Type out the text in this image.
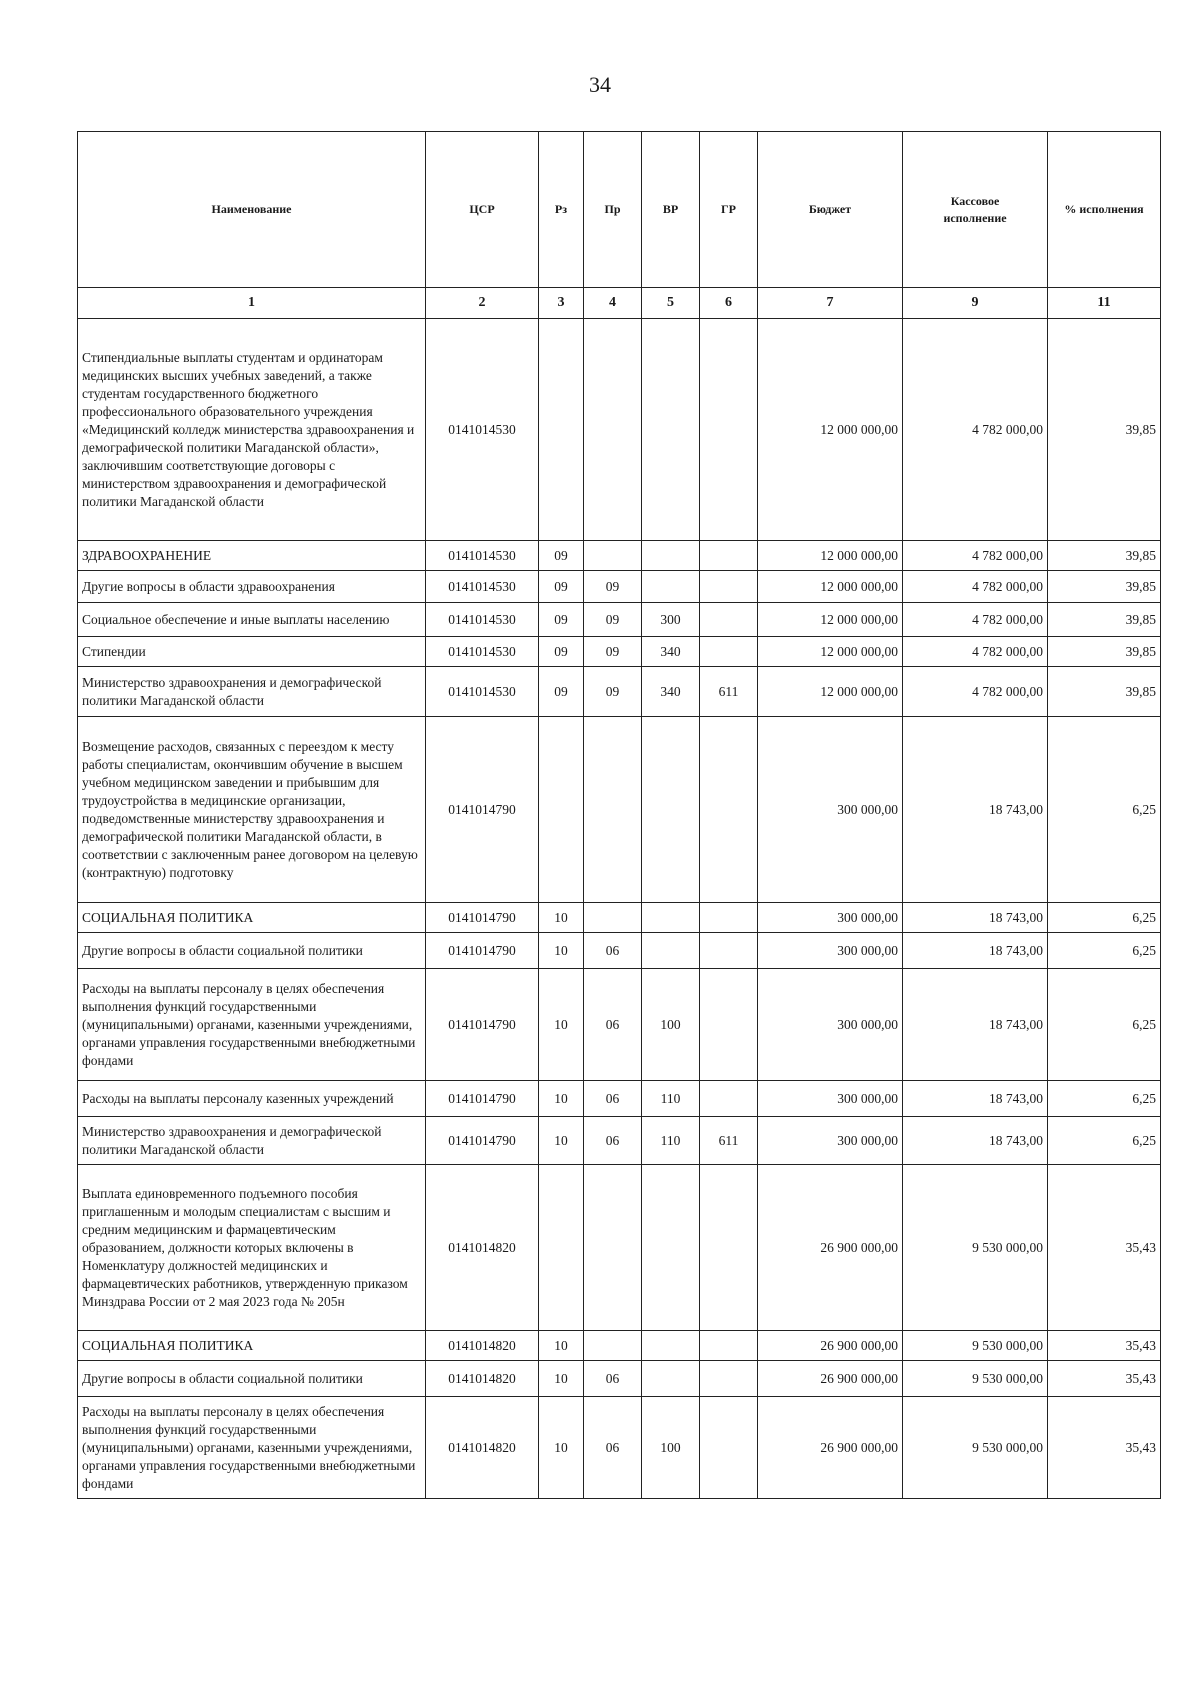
34
Наименование	ЦСР	Рз	Пр	ВР	ГР	Бюджет	Кассовое исполнение	% исполнения
1	2	3	4	5	6	7	9	11
Стипендиальные выплаты студентам и ординаторам медицинских высших учебных заведений, а также студентам государственного бюджетного профессионального образовательного учреждения «Медицинский колледж министерства здравоохранения и демографической политики Магаданской области», заключившим соответствующие договоры с министерством здравоохранения и демографической политики Магаданской области	0141014530					12 000 000,00	4 782 000,00	39,85
ЗДРАВООХРАНЕНИЕ	0141014530	09				12 000 000,00	4 782 000,00	39,85
Другие вопросы в области здравоохранения	0141014530	09	09			12 000 000,00	4 782 000,00	39,85
Социальное обеспечение и иные выплаты населению	0141014530	09	09	300		12 000 000,00	4 782 000,00	39,85
Стипендии	0141014530	09	09	340		12 000 000,00	4 782 000,00	39,85
Министерство здравоохранения и демографической политики Магаданской области	0141014530	09	09	340	611	12 000 000,00	4 782 000,00	39,85
Возмещение расходов, связанных с переездом к месту работы специалистам, окончившим обучение в высшем учебном медицинском заведении и прибывшим для трудоустройства в медицинские организации, подведомственные министерству здравоохранения и демографической политики Магаданской области, в соответствии с заключенным ранее договором на целевую (контрактную) подготовку	0141014790					300 000,00	18 743,00	6,25
СОЦИАЛЬНАЯ ПОЛИТИКА	0141014790	10				300 000,00	18 743,00	6,25
Другие вопросы в области социальной политики	0141014790	10	06			300 000,00	18 743,00	6,25
Расходы на выплаты персоналу в целях обеспечения выполнения функций государственными (муниципальными) органами, казенными учреждениями, органами управления государственными внебюджетными фондами	0141014790	10	06	100		300 000,00	18 743,00	6,25
Расходы на выплаты персоналу казенных учреждений	0141014790	10	06	110		300 000,00	18 743,00	6,25
Министерство здравоохранения и демографической политики Магаданской области	0141014790	10	06	110	611	300 000,00	18 743,00	6,25
Выплата единовременного подъемного пособия приглашенным и молодым специалистам с высшим и средним медицинским и фармацевтическим образованием, должности которых включены в Номенклатуру должностей медицинских и фармацевтических работников, утвержденную приказом Минздрава России от 2 мая 2023 года № 205н	0141014820					26 900 000,00	9 530 000,00	35,43
СОЦИАЛЬНАЯ ПОЛИТИКА	0141014820	10				26 900 000,00	9 530 000,00	35,43
Другие вопросы в области социальной политики	0141014820	10	06			26 900 000,00	9 530 000,00	35,43
Расходы на выплаты персоналу в целях обеспечения выполнения функций государственными (муниципальными) органами, казенными учреждениями, органами управления государственными внебюджетными фондами	0141014820	10	06	100		26 900 000,00	9 530 000,00	35,43
